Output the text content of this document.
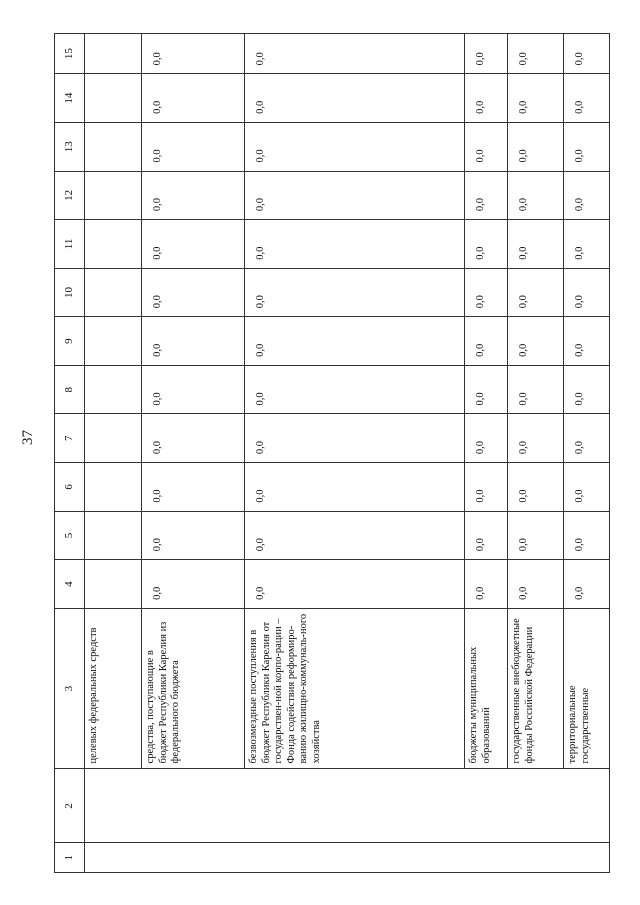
37
1	2	3	4	5	6	7	8	9	10	11	12	13	14	15
		целевых федеральных средств												
		средства, поступающие в бюджет Республики Карелия из федерального бюджета	0,0	0,0	0,0	0,0	0,0	0,0	0,0	0,0	0,0	0,0	0,0	0,0
		безвозмездные поступления в бюджет Республики Карелия от государствен-ной корпо-рации – Фонда содействия реформиро-ванию жилищно-коммуналь-ного хозяйства	0,0	0,0	0,0	0,0	0,0	0,0	0,0	0,0	0,0	0,0	0,0	0,0
		бюджеты муниципальных образований	0,0	0,0	0,0	0,0	0,0	0,0	0,0	0,0	0,0	0,0	0,0	0,0
		государственные внебюджетные фонды Российской Федерации	0,0	0,0	0,0	0,0	0,0	0,0	0,0	0,0	0,0	0,0	0,0	0,0
		территориальные государственные	0,0	0,0	0,0	0,0	0,0	0,0	0,0	0,0	0,0	0,0	0,0	0,0
